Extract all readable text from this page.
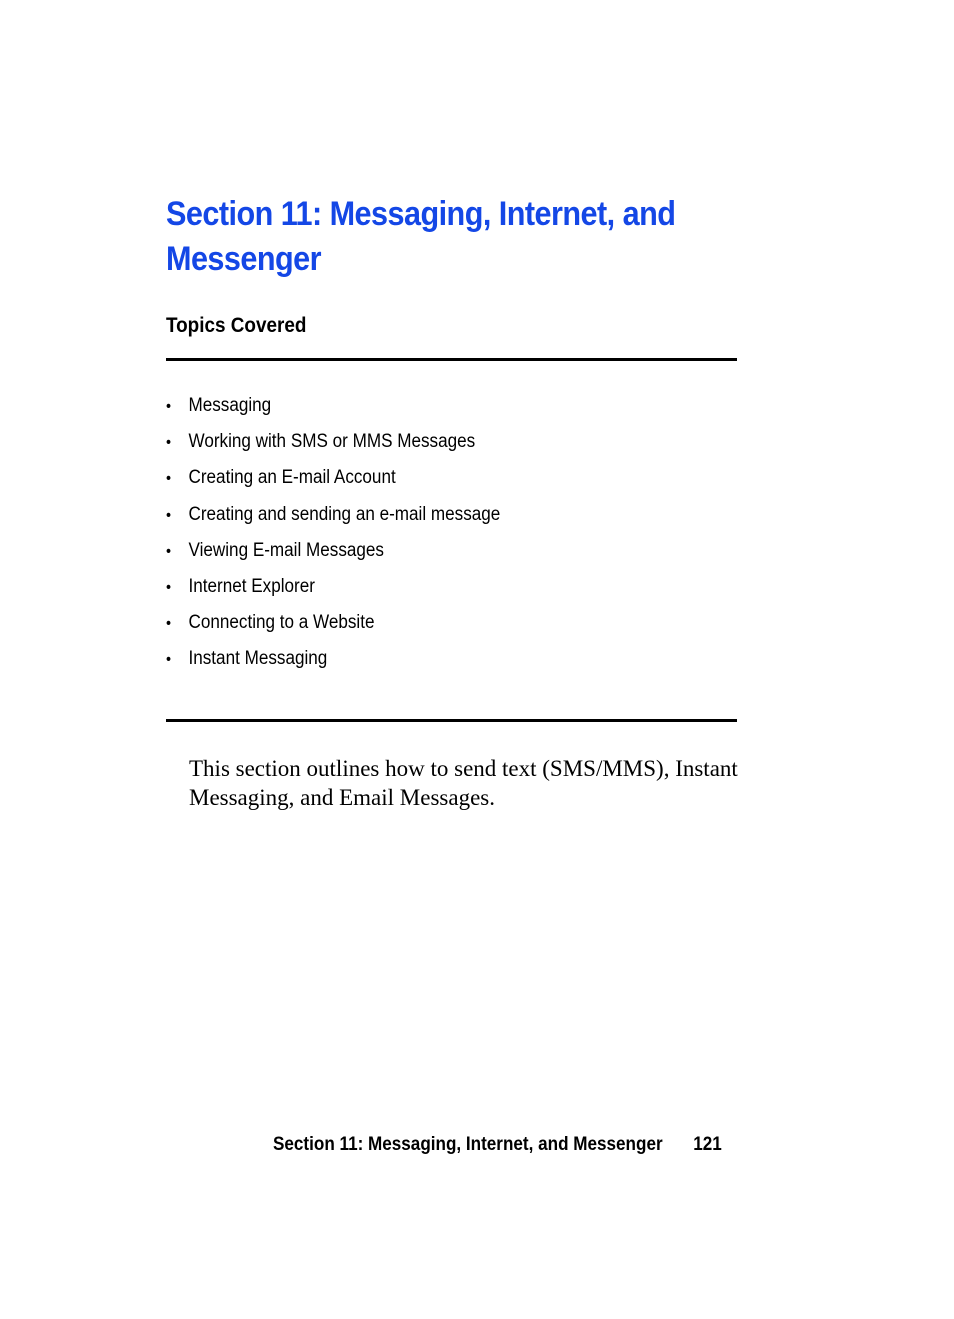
Section 11: Messaging, Internet, and Messenger
Topics Covered
• Messaging
• Working with SMS or MMS Messages
• Creating an E-mail Account
• Creating and sending an e-mail message
• Viewing E-mail Messages
• Internet Explorer
• Connecting to a Website
• Instant Messaging

This section outlines how to send text (SMS/MMS), Instant Messaging, and Email Messages.

Section 11: Messaging, Internet, and Messenger 121
